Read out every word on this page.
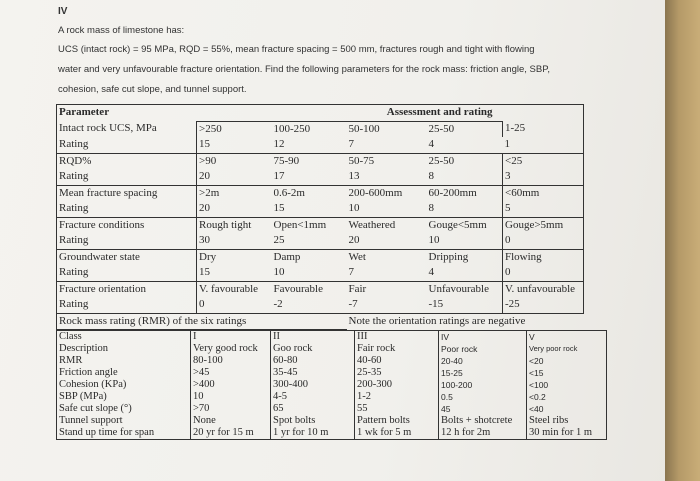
IV
A rock mass of limestone has:
UCS (intact rock) = 95 MPa, RQD = 55%, mean fracture spacing = 500 mm, fractures rough and tight with flowing
water and very unfavourable fracture orientation. Find the following parameters for the rock mass: friction angle, SBP,
cohesion, safe cut slope, and tunnel support.
Parameter	Assessment and rating				
Intact rock UCS, MPa	>250	100-250	50-100	25-50	1-25
Rating	15	12	7	4	1
RQD%	>90	75-90	50-75	25-50	<25
Rating	20	17	13	8	3
Mean fracture spacing	>2m	0.6-2m	200-600mm	60-200mm	<60mm
Rating	20	15	10	8	5
Fracture conditions	Rough tight	Open<1mm	Weathered	Gouge<5mm	Gouge>5mm
Rating	30	25	20	10	0
Groundwater state	Dry	Damp	Wet	Dripping	Flowing
Rating	15	10	7	4	0
Fracture orientation	V. favourable	Favourable	Fair	Unfavourable	V. unfavourable
Rating	0	-2	-7	-15	-25
Rock mass rating (RMR) of the six ratings			Note the orientation ratings are negative		
Class	I	II	III	IV	V
Description	Very good rock	Goo rock	Fair rock	Poor rock	Very poor rock
RMR	80-100	60-80	40-60	20-40	<20
Friction angle	>45	35-45	25-35	15-25	<15
Cohesion (KPa)	>400	300-400	200-300	100-200	<100
SBP (MPa)	10	4-5	1-2	0.5	<0.2
Safe cut slope (°)	>70	65	55	45	<40
Tunnel support	None	Spot bolts	Pattern bolts	Bolts + shotcrete	Steel ribs
Stand up time for span	20 yr for 15 m	1 yr for 10 m	1 wk for 5 m	12 h for 2m	30 min for 1 m
